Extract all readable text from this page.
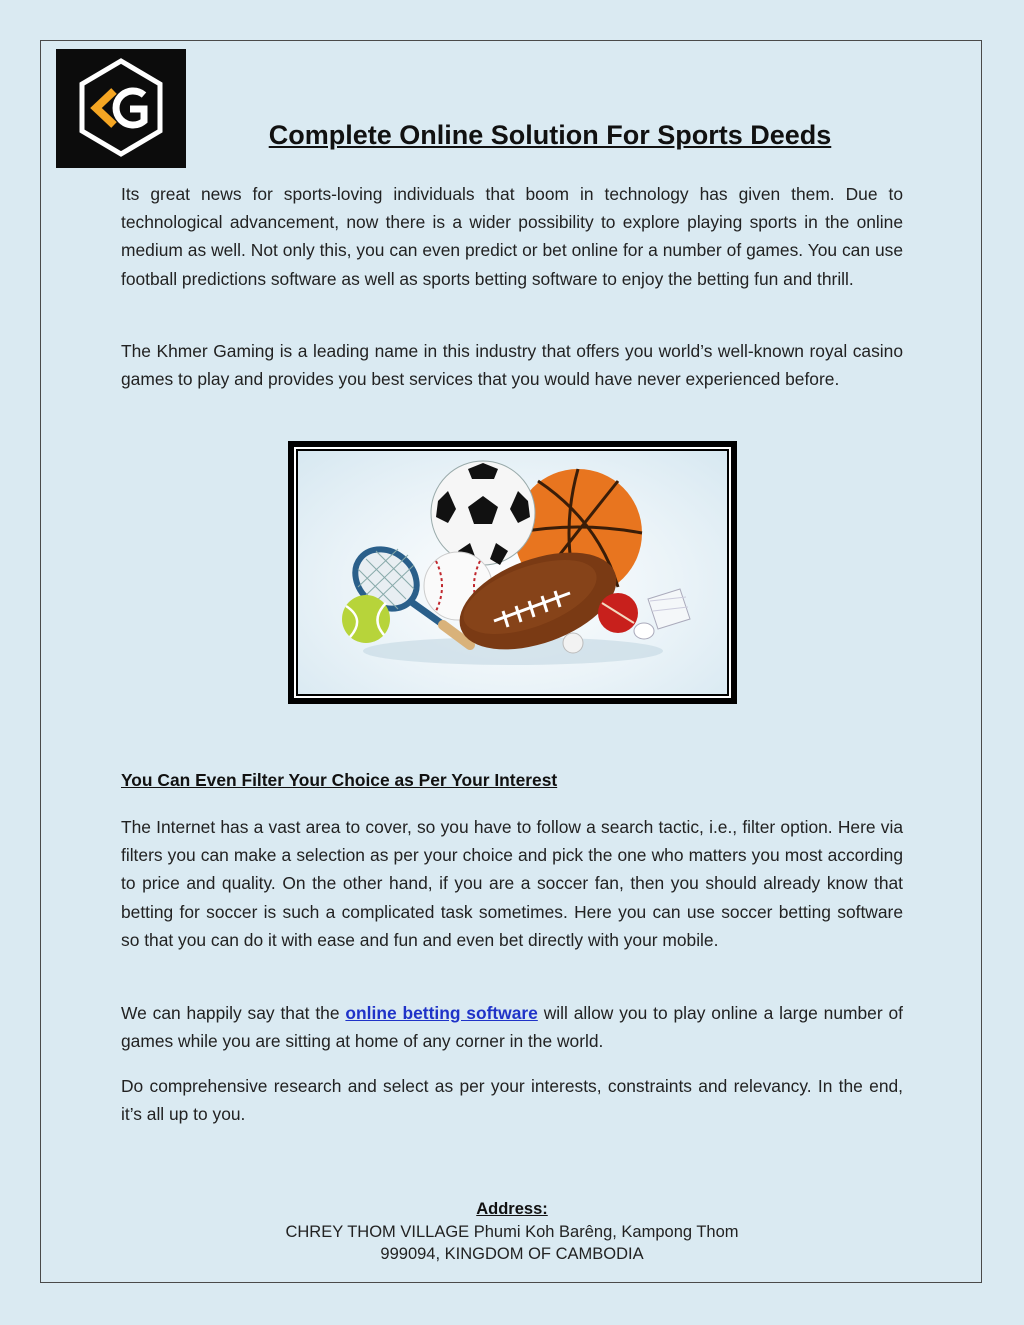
Complete Online Solution For Sports Deeds

Its great news for sports-loving individuals that boom in technology has given them. Due to technological advancement, now there is a wider possibility to explore playing sports in the online medium as well. Not only this, you can even predict or bet online for a number of games. You can use football predictions software as well as sports betting software to enjoy the betting fun and thrill.

The Khmer Gaming is a leading name in this industry that offers you world’s well-known royal casino games to play and provides you best services that you would have never experienced before.

You Can Even Filter Your Choice as Per Your Interest

The Internet has a vast area to cover, so you have to follow a search tactic, i.e., filter option. Here via filters you can make a selection as per your choice and pick the one who matters you most according to price and quality. On the other hand, if you are a soccer fan, then you should already know that betting for soccer is such a complicated task sometimes. Here you can use soccer betting software so that you can do it with ease and fun and even bet directly with your mobile.

We can happily say that the online betting software will allow you to play online a large number of games while you are sitting at home of any corner in the world.

Do comprehensive research and select as per your interests, constraints and relevancy. In the end, it’s all up to you.

Address:
CHREY THOM VILLAGE Phumi Koh Barêng, Kampong Thom
999094, KINGDOM OF CAMBODIA
